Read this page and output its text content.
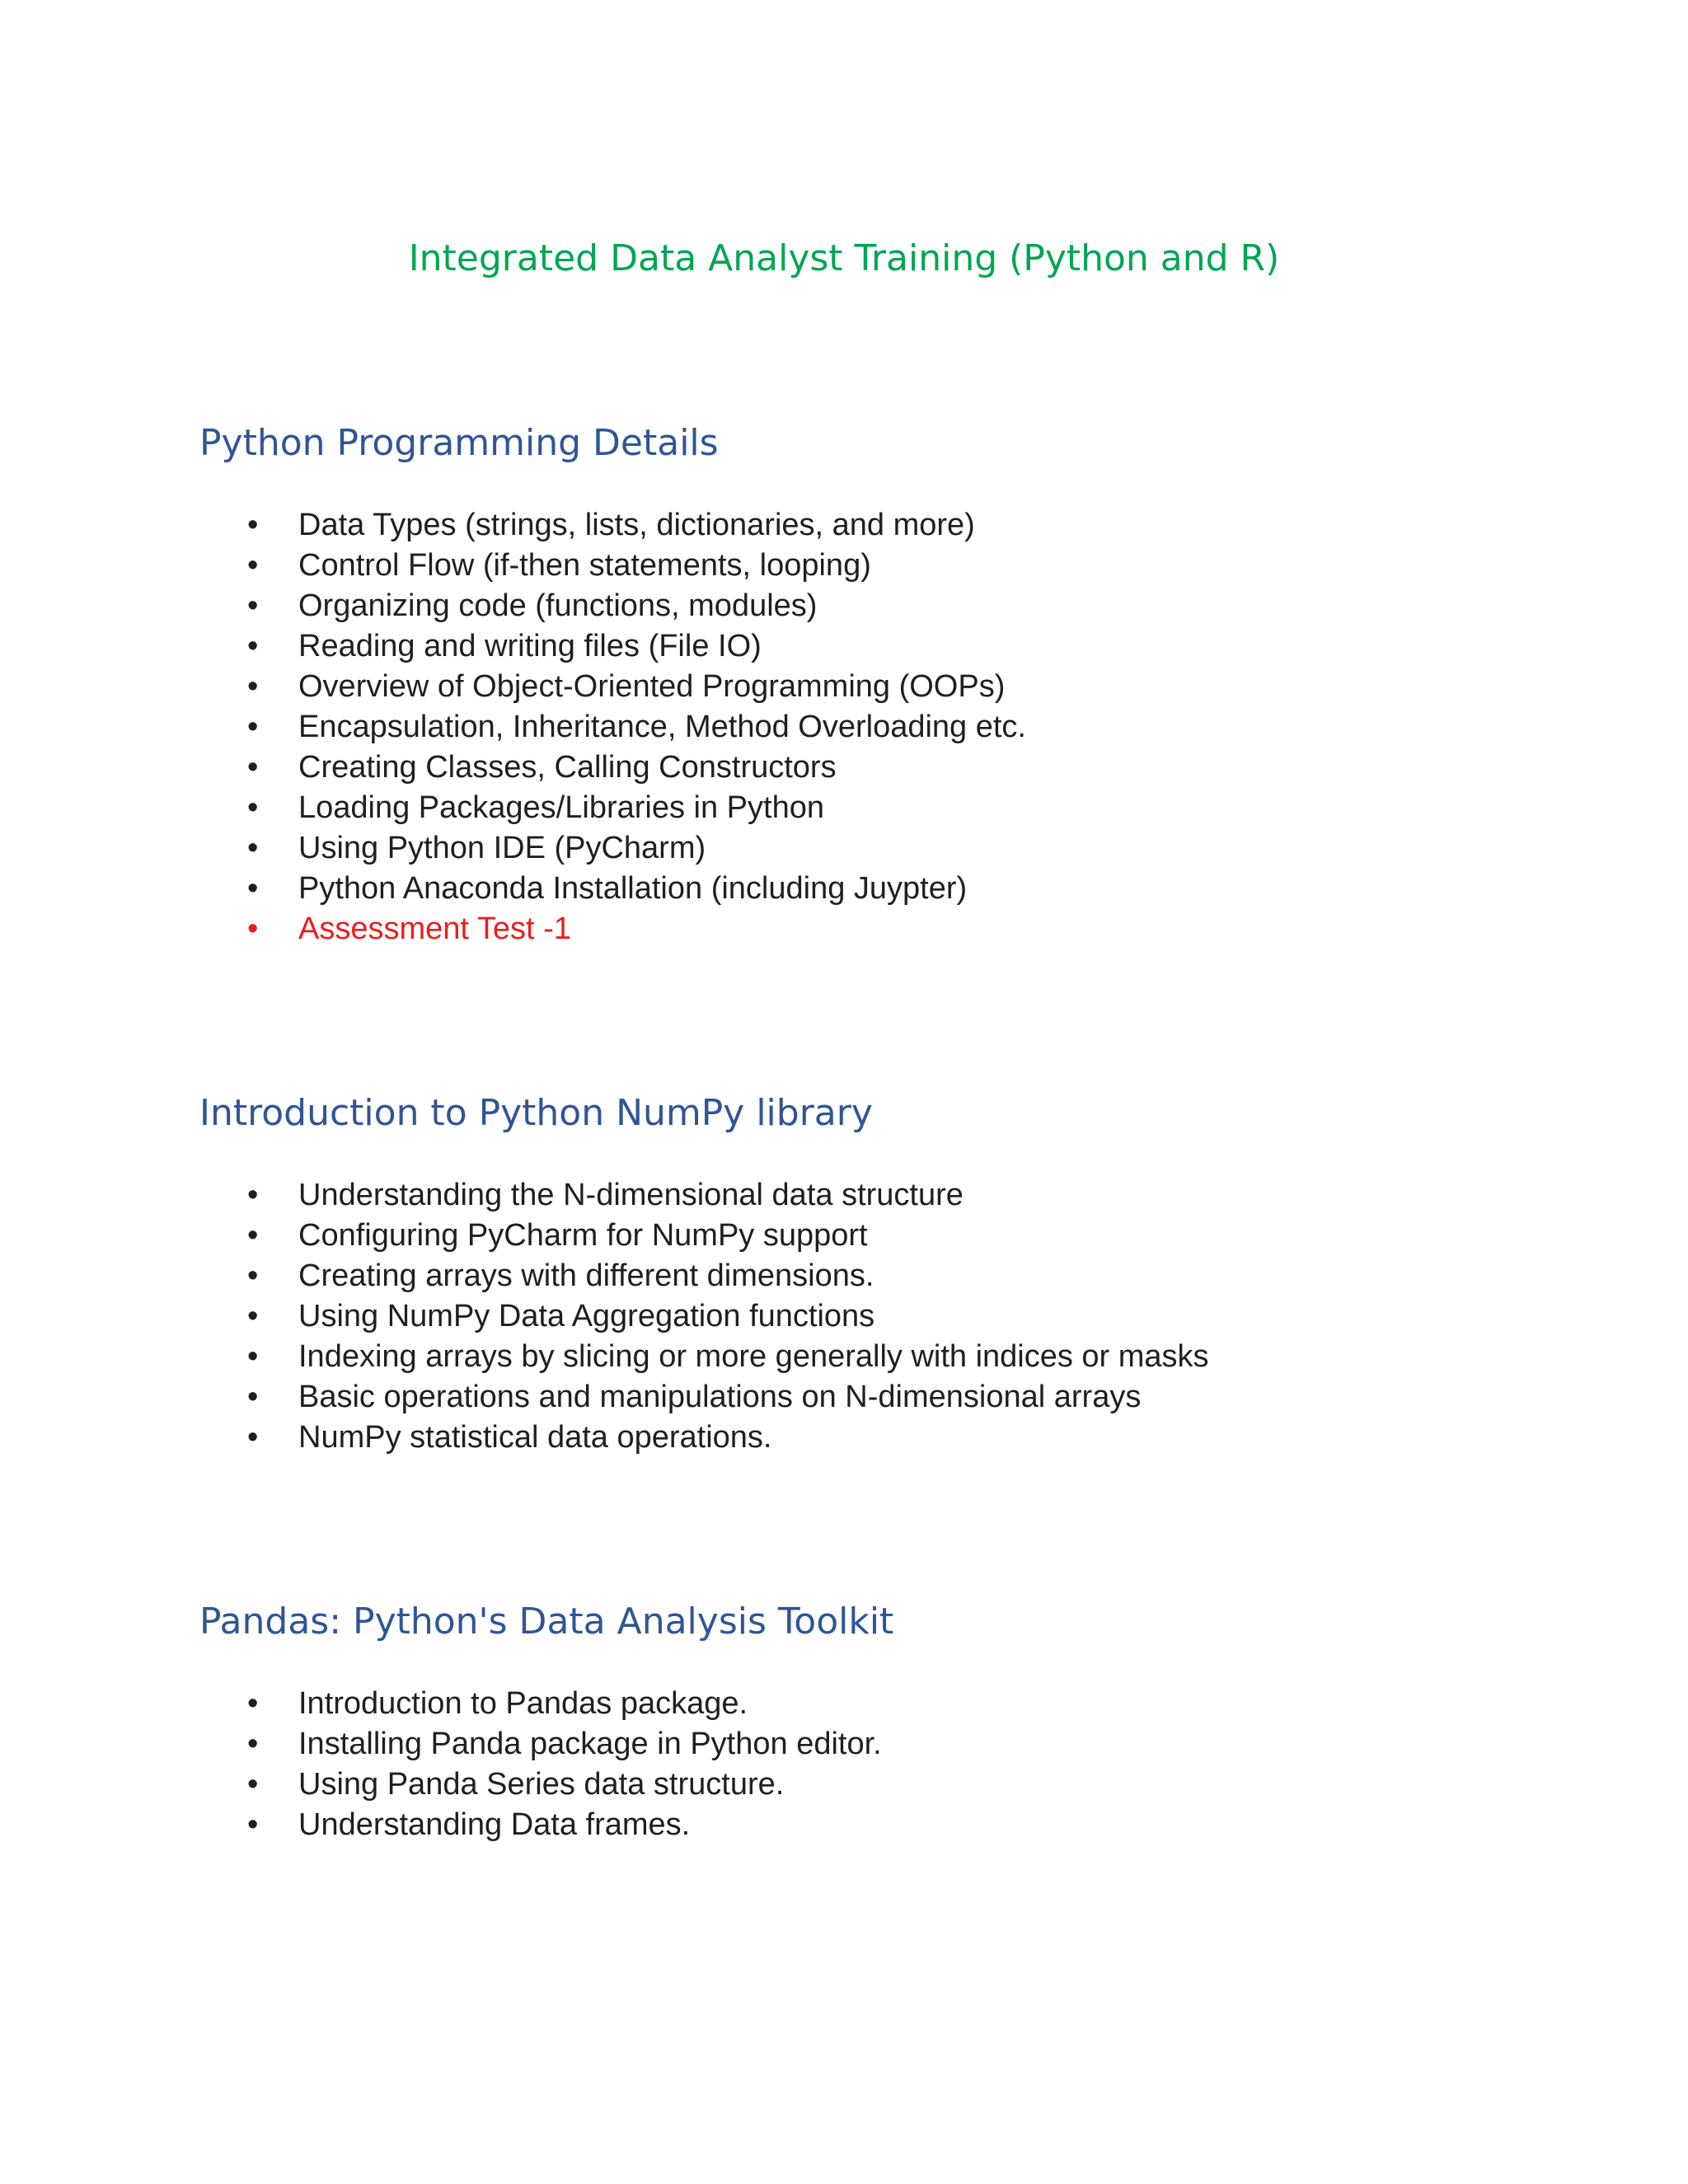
Integrated Data Analyst Training (Python and R)
Python Programming Details
•	Data Types (strings, lists, dictionaries, and more)
•	Control Flow (if-then statements, looping)
•	Organizing code (functions, modules)
•	Reading and writing files (File IO)
•	Overview of Object-Oriented Programming (OOPs)
•	Encapsulation, Inheritance, Method Overloading etc.
•	Creating Classes, Calling Constructors
•	Loading Packages/Libraries in Python
•	Using Python IDE (PyCharm)
•	Python Anaconda Installation (including Juypter)
•	Assessment Test -1
Introduction to Python NumPy library
•	Understanding the N-dimensional data structure
•	Configuring PyCharm for NumPy support
•	Creating arrays with different dimensions.
•	Using NumPy Data Aggregation functions
•	Indexing arrays by slicing or more generally with indices or masks
•	Basic operations and manipulations on N-dimensional arrays
•	NumPy statistical data operations.
Pandas: Python's Data Analysis Toolkit
•	Introduction to Pandas package.
•	Installing Panda package in Python editor.
•	Using Panda Series data structure.
•	Understanding Data frames.
